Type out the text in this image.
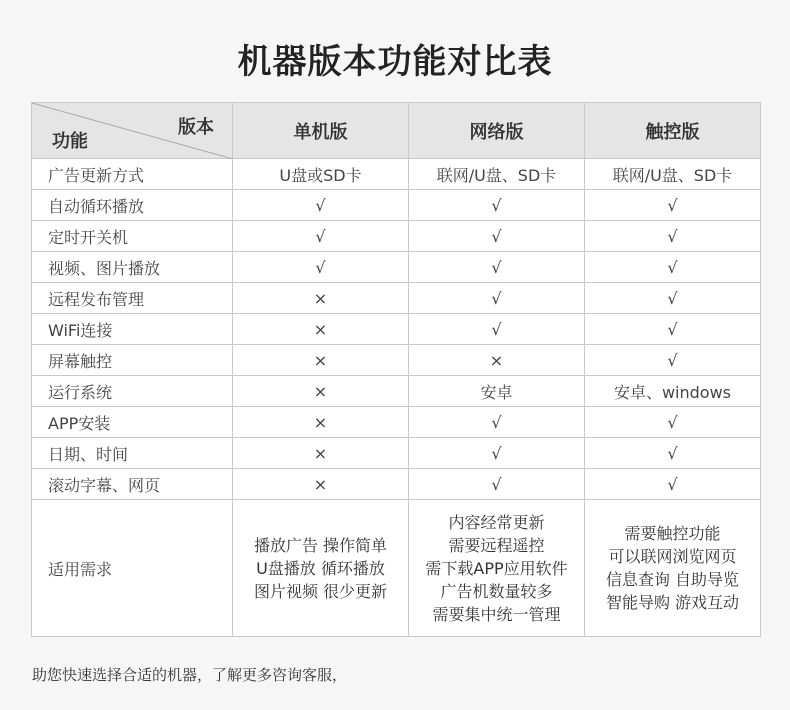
机器版本功能对比表
版本
功能	单机版	网络版	触控版
广告更新方式	U盘或SD卡	联网/U盘、SD卡	联网/U盘、SD卡
自动循环播放	√	√	√
定时开关机	√	√	√
视频、图片播放	√	√	√
远程发布管理	×	√	√
WiFi连接	×	√	√
屏幕触控	×	×	√
运行系统	×	安卓	安卓、windows
APP安装	×	√	√
日期、时间	×	√	√
滚动字幕、网页	×	√	√
适用需求	播放广告 操作简单
U盘播放 循环播放
图片视频 很少更新	内容经常更新
需要远程遥控
需下载APP应用软件
广告机数量较多
需要集中统一管理	需要触控功能
可以联网浏览网页
信息查询 自助导览
智能导购 游戏互动
助您快速选择合适的机器，了解更多咨询客服，
